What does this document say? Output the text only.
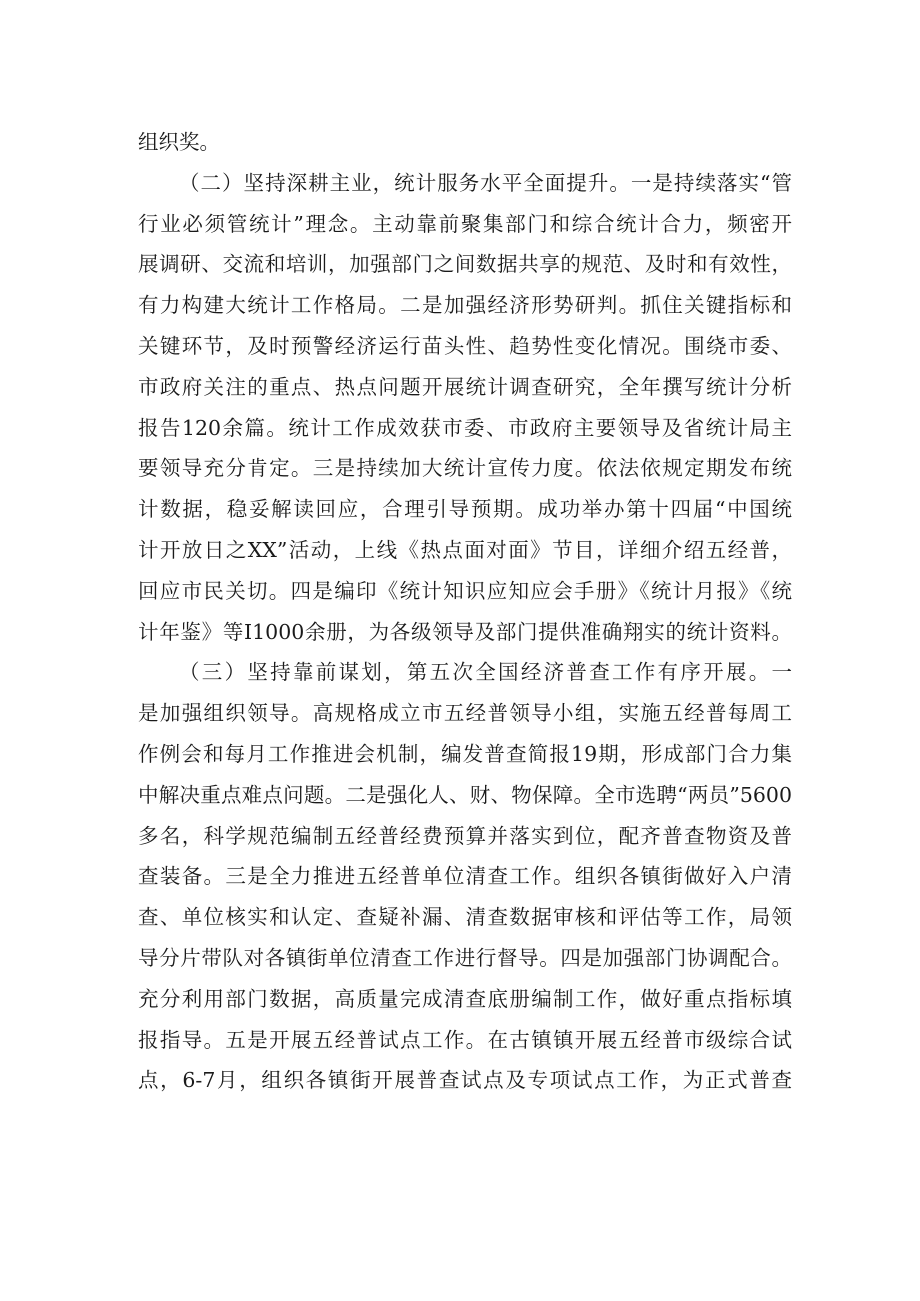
组织奖。
（二）坚持深耕主业，统计服务水平全面提升。一是持续落实“管
行业必须管统计”理念。主动靠前聚集部门和综合统计合力，频密开
展调研、交流和培训，加强部门之间数据共享的规范、及时和有效性，
有力构建大统计工作格局。二是加强经济形势研判。抓住关键指标和
关键环节，及时预警经济运行苗头性、趋势性变化情况。围绕市委、
市政府关注的重点、热点问题开展统计调查研究，全年撰写统计分析
报告120余篇。统计工作成效获市委、市政府主要领导及省统计局主
要领导充分肯定。三是持续加大统计宣传力度。依法依规定期发布统
计数据，稳妥解读回应，合理引导预期。成功举办第十四届“中国统
计开放日之XX”活动，上线《热点面对面》节目，详细介绍五经普，
回应市民关切。四是编印《统计知识应知应会手册》《统计月报》《统
计年鉴》等I1000余册，为各级领导及部门提供准确翔实的统计资料。
（三）坚持靠前谋划，第五次全国经济普查工作有序开展。一
是加强组织领导。高规格成立市五经普领导小组，实施五经普每周工
作例会和每月工作推进会机制，编发普查简报19期，形成部门合力集
中解决重点难点问题。二是强化人、财、物保障。全市选聘“两员”5600
多名，科学规范编制五经普经费预算并落实到位，配齐普查物资及普
查装备。三是全力推进五经普单位清查工作。组织各镇街做好入户清
查、单位核实和认定、查疑补漏、清查数据审核和评估等工作，局领
导分片带队对各镇街单位清查工作进行督导。四是加强部门协调配合。
充分利用部门数据，高质量完成清查底册编制工作，做好重点指标填
报指导。五是开展五经普试点工作。在古镇镇开展五经普市级综合试
点，6-7月，组织各镇街开展普查试点及专项试点工作，为正式普查
